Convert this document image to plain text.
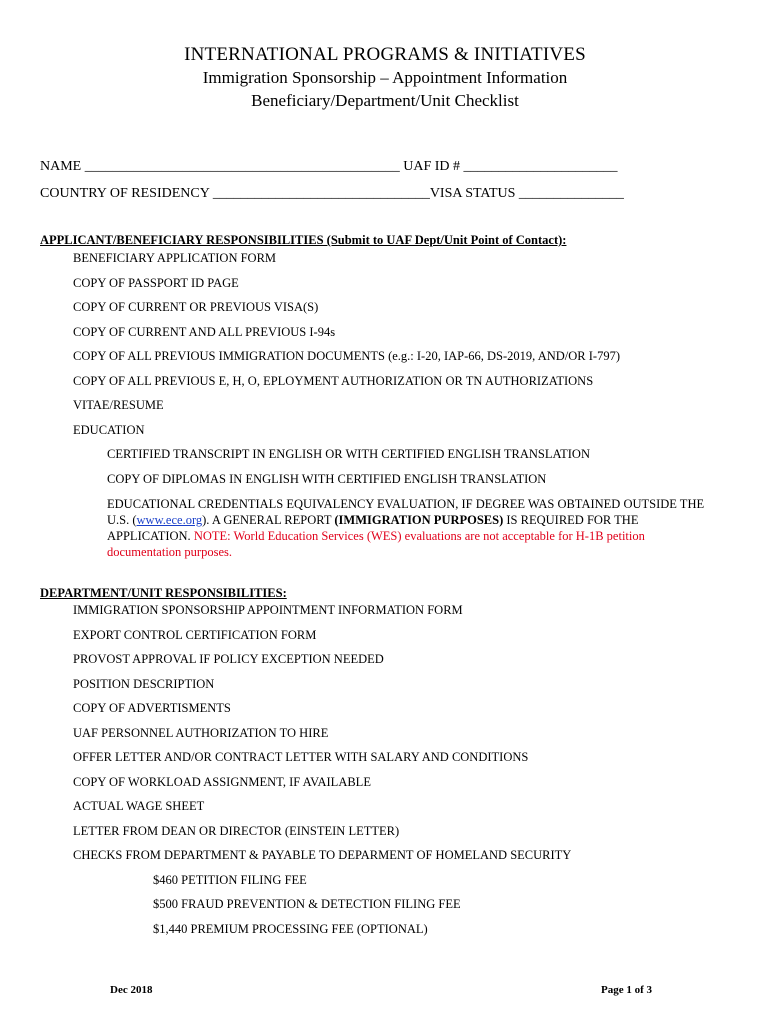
INTERNATIONAL PROGRAMS & INITIATIVES
Immigration Sponsorship – Appointment Information
Beneficiary/Department/Unit Checklist
NAME _____________________________________________ UAF ID # ______________________
COUNTRY OF RESIDENCY _______________________________VISA STATUS _______________
APPLICANT/BENEFICIARY RESPONSIBILITIES (Submit to UAF Dept/Unit Point of Contact):
BENEFICIARY APPLICATION FORM
COPY OF PASSPORT ID PAGE
COPY OF CURRENT OR PREVIOUS VISA(S)
COPY OF CURRENT AND ALL PREVIOUS I-94s
COPY OF ALL PREVIOUS IMMIGRATION DOCUMENTS (e.g.: I-20, IAP-66, DS-2019, AND/OR I-797)
COPY OF ALL PREVIOUS E, H, O, EPLOYMENT AUTHORIZATION OR TN AUTHORIZATIONS
VITAE/RESUME
EDUCATION
CERTIFIED TRANSCRIPT IN ENGLISH OR WITH CERTIFIED ENGLISH TRANSLATION
COPY OF DIPLOMAS IN ENGLISH WITH CERTIFIED ENGLISH TRANSLATION
EDUCATIONAL CREDENTIALS EQUIVALENCY EVALUATION, IF DEGREE WAS OBTAINED OUTSIDE THE U.S. (www.ece.org). A GENERAL REPORT (IMMIGRATION PURPOSES) IS REQUIRED FOR THE APPLICATION. NOTE: World Education Services (WES) evaluations are not acceptable for H-1B petition documentation purposes.
DEPARTMENT/UNIT RESPONSIBILITIES:
IMMIGRATION SPONSORSHIP APPOINTMENT INFORMATION FORM
EXPORT CONTROL CERTIFICATION FORM
PROVOST APPROVAL IF POLICY EXCEPTION NEEDED
POSITION DESCRIPTION
COPY OF ADVERTISMENTS
UAF PERSONNEL AUTHORIZATION TO HIRE
OFFER LETTER AND/OR CONTRACT LETTER WITH SALARY AND CONDITIONS
COPY OF WORKLOAD ASSIGNMENT, IF AVAILABLE
ACTUAL WAGE SHEET
LETTER FROM DEAN OR DIRECTOR (EINSTEIN LETTER)
CHECKS FROM DEPARTMENT & PAYABLE TO DEPARMENT OF HOMELAND SECURITY
$460 PETITION FILING FEE
$500 FRAUD PREVENTION & DETECTION FILING FEE
$1,440 PREMIUM PROCESSING FEE (OPTIONAL)
Dec 2018	Page 1 of 3
